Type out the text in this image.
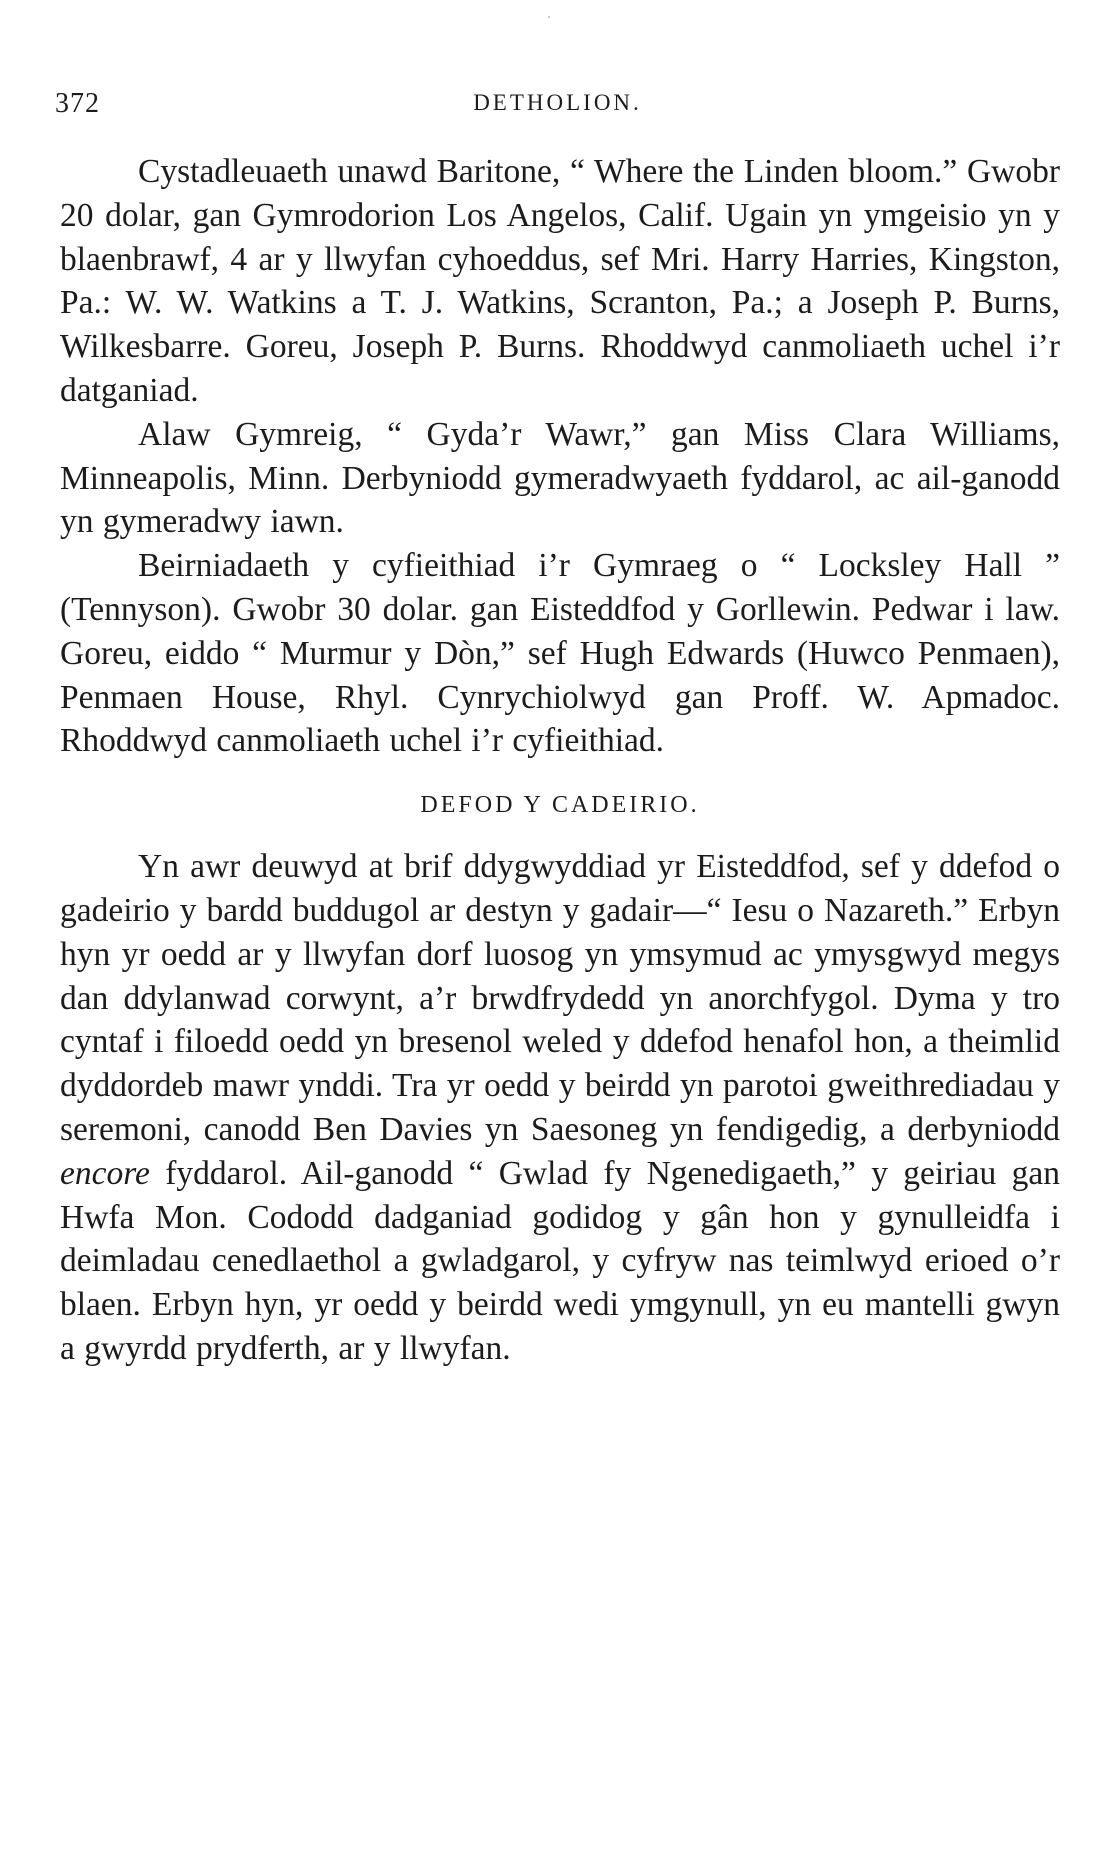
372	DETHOLION.

Cystadleuaeth unawd Baritone, “ Where the Linden bloom.” Gwobr 20 dolar, gan Gymrodorion Los Angelos, Calif. Ugain yn ymgeisio yn y blaenbrawf, 4 ar y llwyfan cyhoeddus, sef Mri. Harry Harries, Kingston, Pa.: W. W. Watkins a T. J. Watkins, Scranton, Pa.; a Joseph P. Burns, Wilkesbarre. Goreu, Joseph P. Burns. Rhoddwyd canmoliaeth uchel i’r datganiad.

Alaw Gymreig, “ Gyda’r Wawr,” gan Miss Clara Williams, Minneapolis, Minn. Derbyniodd gymeradwyaeth fyddarol, ac ail-ganodd yn gymeradwy iawn.

Beirniadaeth y cyfieithiad i’r Gymraeg o “ Locksley Hall ” (Tennyson). Gwobr 30 dolar. gan Eisteddfod y Gorllewin. Pedwar i law. Goreu, eiddo “ Murmur y Dòn,” sef Hugh Edwards (Huwco Penmaen), Penmaen House, Rhyl. Cynrychiolwyd gan Proff. W. Apmadoc. Rhoddwyd canmoliaeth uchel i’r cyfieithiad.

DEFOD Y CADEIRIO.

Yn awr deuwyd at brif ddygwyddiad yr Eisteddfod, sef y ddefod o gadeirio y bardd buddugol ar destyn y gadair—“ Iesu o Nazareth.” Erbyn hyn yr oedd ar y llwyfan dorf luosog yn ymsymud ac ymysgwyd megys dan ddylanwad corwynt, a’r brwdfrydedd yn anorchfygol. Dyma y tro cyntaf i filoedd oedd yn bresenol weled y ddefod henafol hon, a theimlid dyddordeb mawr ynddi. Tra yr oedd y beirdd yn parotoi gweithrediadau y seremoni, canodd Ben Davies yn Saesoneg yn fendigedig, a derbyniodd encore fyddarol. Ail-ganodd “ Gwlad fy Ngenedigaeth,” y geiriau gan Hwfa Mon. Cododd dadganiad godidog y gân hon y gynulleidfa i deimladau cenedlaethol a gwladgarol, y cyfryw nas teimlwyd erioed o’r blaen. Erbyn hyn, yr oedd y beirdd wedi ymgynull, yn eu mantelli gwyn a gwyrdd prydferth, ar y llwyfan.
